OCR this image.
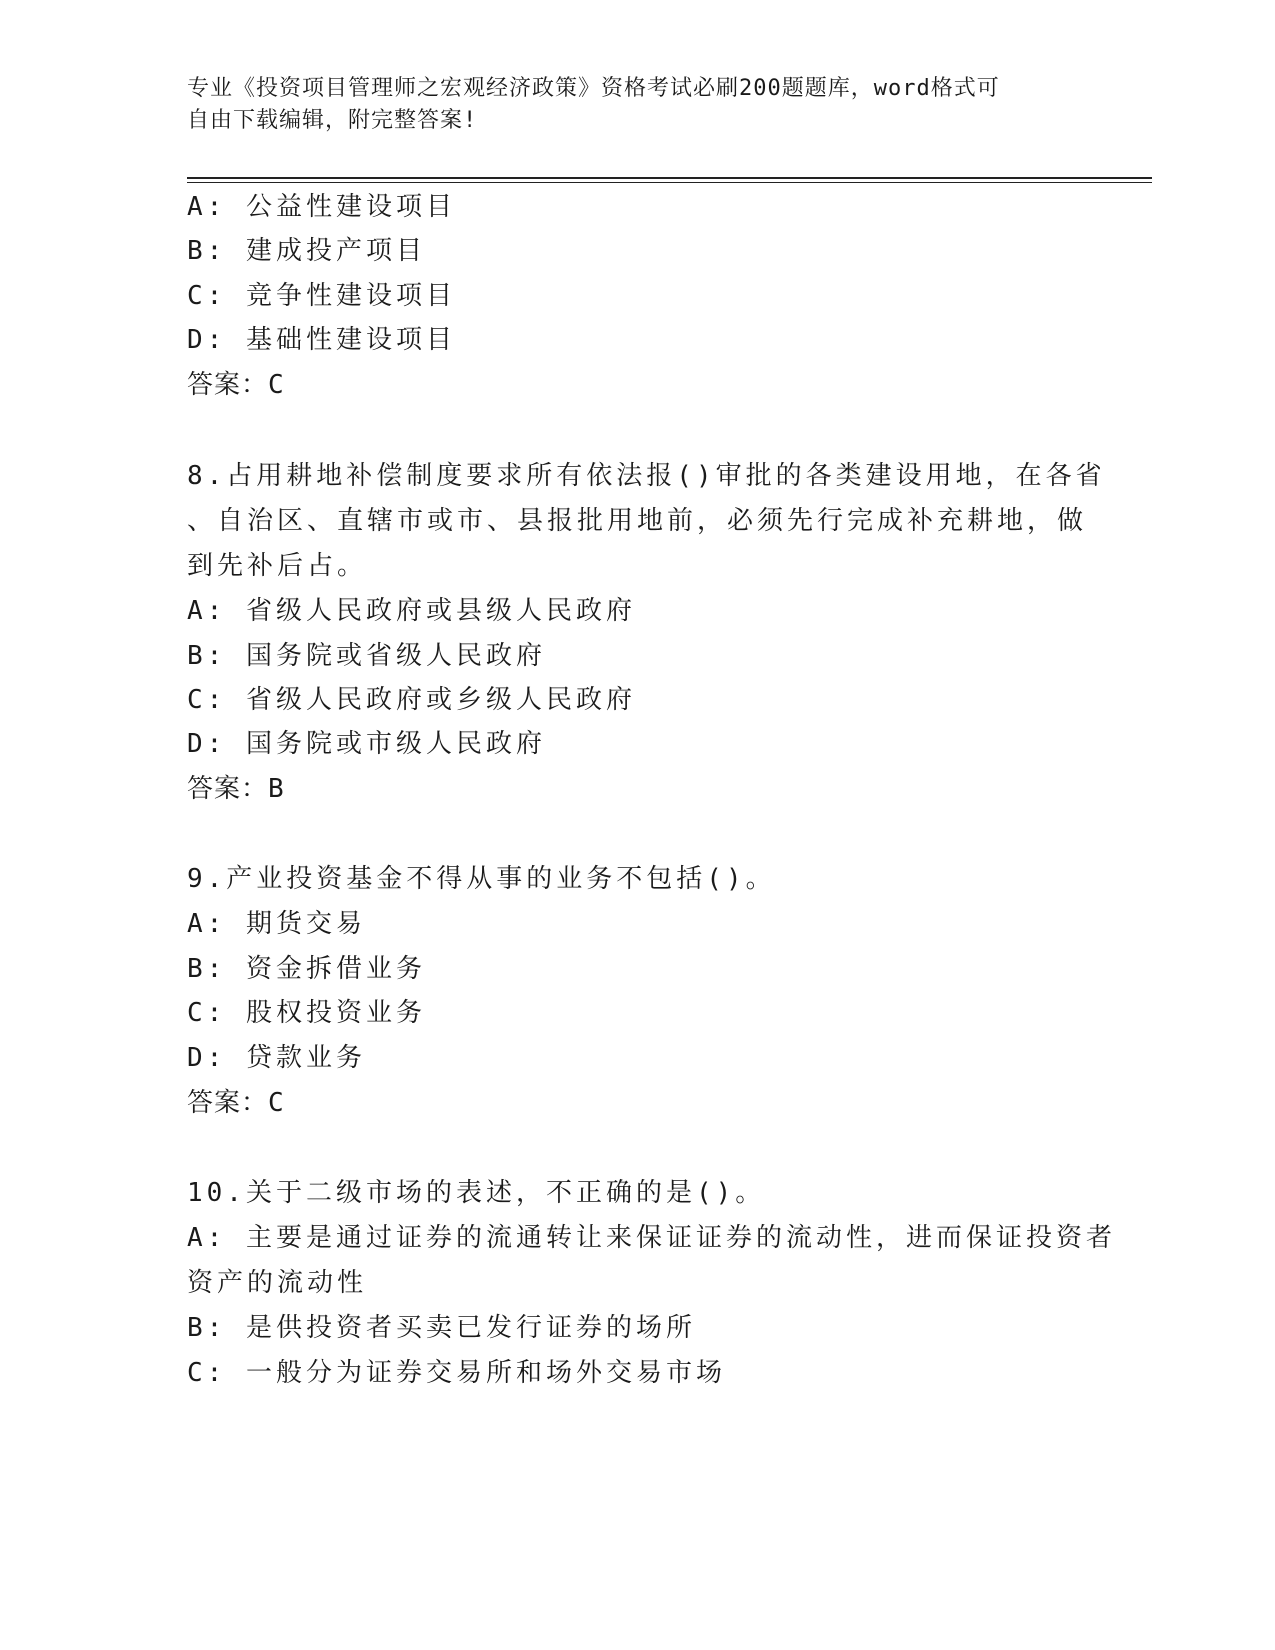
专业《投资项目管理师之宏观经济政策》资格考试必刷200题题库，word格式可
自由下载编辑，附完整答案!
A: 公益性建设项目
B: 建成投产项目
C: 竞争性建设项目
D: 基础性建设项目
答案：C
8.占用耕地补偿制度要求所有依法报()审批的各类建设用地，在各省
、自治区、直辖市或市、县报批用地前，必须先行完成补充耕地，做
到先补后占。
A: 省级人民政府或县级人民政府
B: 国务院或省级人民政府
C: 省级人民政府或乡级人民政府
D: 国务院或市级人民政府
答案：B
9.产业投资基金不得从事的业务不包括()。
A: 期货交易
B: 资金拆借业务
C: 股权投资业务
D: 贷款业务
答案：C
10.关于二级市场的表述，不正确的是()。
A: 主要是通过证券的流通转让来保证证券的流动性，进而保证投资者
资产的流动性
B: 是供投资者买卖已发行证券的场所
C: 一般分为证券交易所和场外交易市场
